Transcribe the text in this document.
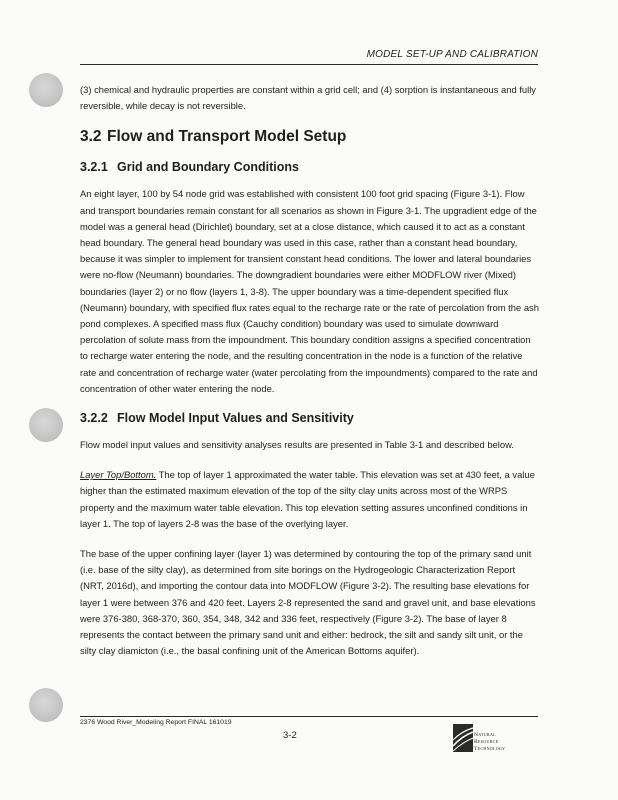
MODEL SET-UP AND CALIBRATION

(3) chemical and hydraulic properties are constant within a grid cell; and (4) sorption is instantaneous and fully reversible, while decay is not reversible.

3.2 Flow and Transport Model Setup
3.2.1 Grid and Boundary Conditions

An eight layer, 100 by 54 node grid was established with consistent 100 foot grid spacing (Figure 3-1). Flow and transport boundaries remain constant for all scenarios as shown in Figure 3-1. The upgradient edge of the model was a general head (Dirichlet) boundary, set at a close distance, which caused it to act as a constant head boundary. The general head boundary was used in this case, rather than a constant head boundary, because it was simpler to implement for transient constant head conditions. The lower and lateral boundaries were no-flow (Neumann) boundaries. The downgradient boundaries were either MODFLOW river (Mixed) boundaries (layer 2) or no flow (layers 1, 3-8). The upper boundary was a time-dependent specified flux (Neumann) boundary, with specified flux rates equal to the recharge rate or the rate of percolation from the ash pond complexes. A specified mass flux (Cauchy condition) boundary was used to simulate downward percolation of solute mass from the impoundment. This boundary condition assigns a specified concentration to recharge water entering the node, and the resulting concentration in the node is a function of the relative rate and concentration of recharge water (water percolating from the impoundments) compared to the rate and concentration of other water entering the node.

3.2.2 Flow Model Input Values and Sensitivity

Flow model input values and sensitivity analyses results are presented in Table 3-1 and described below.

Layer Top/Bottom. The top of layer 1 approximated the water table. This elevation was set at 430 feet, a value higher than the estimated maximum elevation of the top of the silty clay units across most of the WRPS property and the maximum water table elevation. This top elevation setting assures unconfined conditions in layer 1. The top of layers 2-8 was the base of the overlying layer.

The base of the upper confining layer (layer 1) was determined by contouring the top of the primary sand unit (i.e. base of the silty clay), as determined from site borings on the Hydrogeologic Characterization Report (NRT, 2016d), and importing the contour data into MODFLOW (Figure 3-2). The resulting base elevations for layer 1 were between 376 and 420 feet. Layers 2-8 represented the sand and gravel unit, and base elevations were 376-380, 368-370, 360, 354, 348, 342 and 336 feet, respectively (Figure 3-2). The base of layer 8 represents the contact between the primary sand unit and either: bedrock, the silt and sandy silt unit, or the silty clay diamicton (i.e., the basal confining unit of the American Bottoms aquifer).

2376 Wood River_Modeling Report FINAL 161019
3-2	Natural
Resource
Technology
